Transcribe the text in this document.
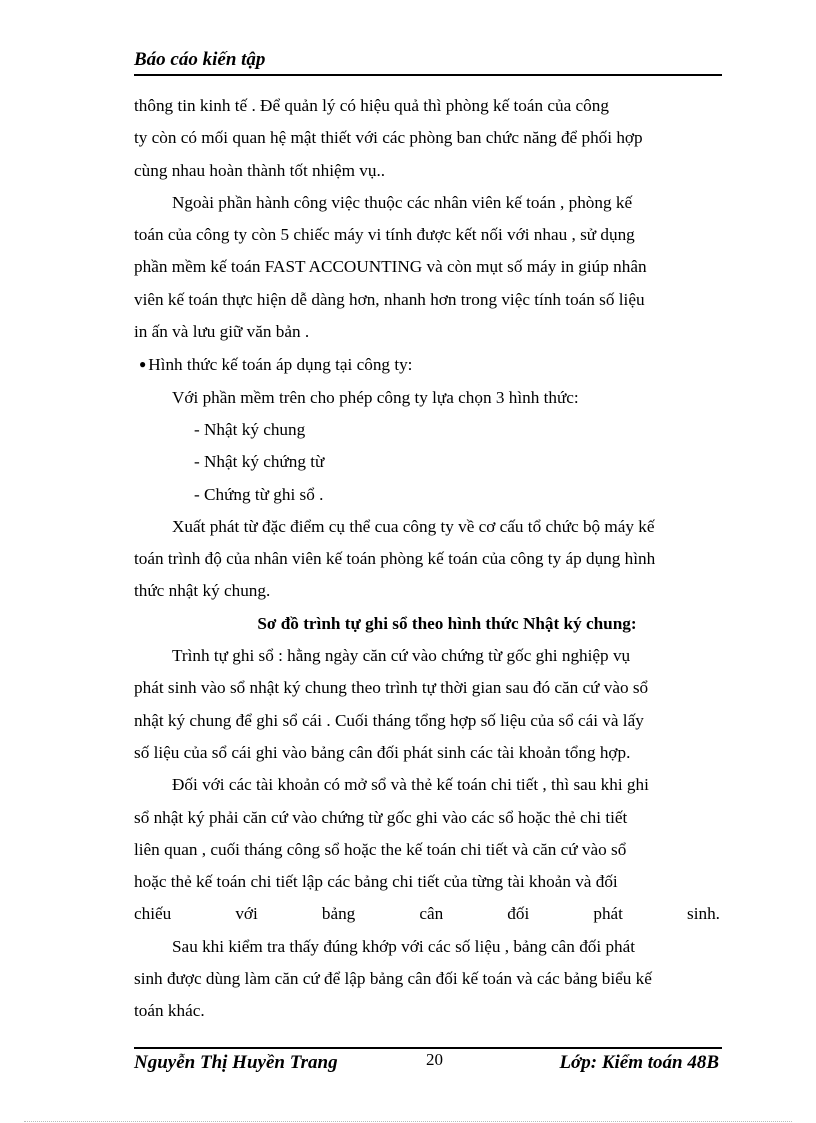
Báo cáo kiến tập

thông tin kinh tế . Để quản lý có hiệu quả thì phòng kế toán của công

ty còn có mối quan hệ mật thiết với các phòng ban chức năng để phối hợp

cùng nhau hoàn thành tốt nhiệm vụ..

Ngoài phần hành công việc thuộc các nhân viên kế toán , phòng kế

toán của công ty còn 5 chiếc máy vi tính được kết nối với nhau , sử dụng

phần mềm kế toán FAST ACCOUNTING và còn mụt số máy in giúp nhân

viên kế toán thực hiện dễ dàng hơn, nhanh hơn trong việc tính toán số liệu

in ấn và lưu giữ văn bản .

● Hình thức kế toán áp dụng tại công ty:

Với phần mềm trên cho phép công ty lựa chọn 3 hình thức:

- Nhật ký chung

- Nhật ký chứng từ

- Chứng từ ghi sổ .

Xuất phát từ đặc điểm cụ thể cua công ty về cơ cấu tổ chức bộ máy kế

toán trình độ của nhân viên kế toán phòng kế toán của công ty áp dụng hình

thức nhật ký chung.

Sơ đồ trình tự ghi sổ theo hình thức Nhật ký chung:

Trình tự ghi sổ : hằng ngày căn cứ vào chứng từ gốc ghi nghiệp vụ

phát sinh vào sổ nhật ký chung theo trình tự thời gian sau đó căn cứ vào sổ

nhật ký chung để ghi sổ cái . Cuối tháng tổng hợp số liệu của sổ cái và lấy

số liệu của sổ cái ghi vào bảng cân đối phát sinh các tài khoản tổng hợp.

Đối với các tài khoản có mở sổ và thẻ kế toán chi tiết , thì sau khi ghi

sổ nhật ký phải căn cứ vào chứng từ gốc ghi vào các sổ hoặc thẻ chi tiết

liên quan , cuối tháng công sổ hoặc the kế toán chi tiết và căn cứ vào sổ

hoặc thẻ kế toán chi tiết lập các bảng chi tiết của từng tài khoản và đối

chiếu	với	bảng	cân	đối	phát	sinh.

Sau khi kiểm tra thấy đúng khớp với các số liệu , bảng cân đối phát

sinh được dùng làm căn cứ để lập bảng cân đối kế toán và các bảng biểu kế

toán khác.

Nguyễn Thị Huyền Trang	20	Lớp: Kiểm toán 48B
